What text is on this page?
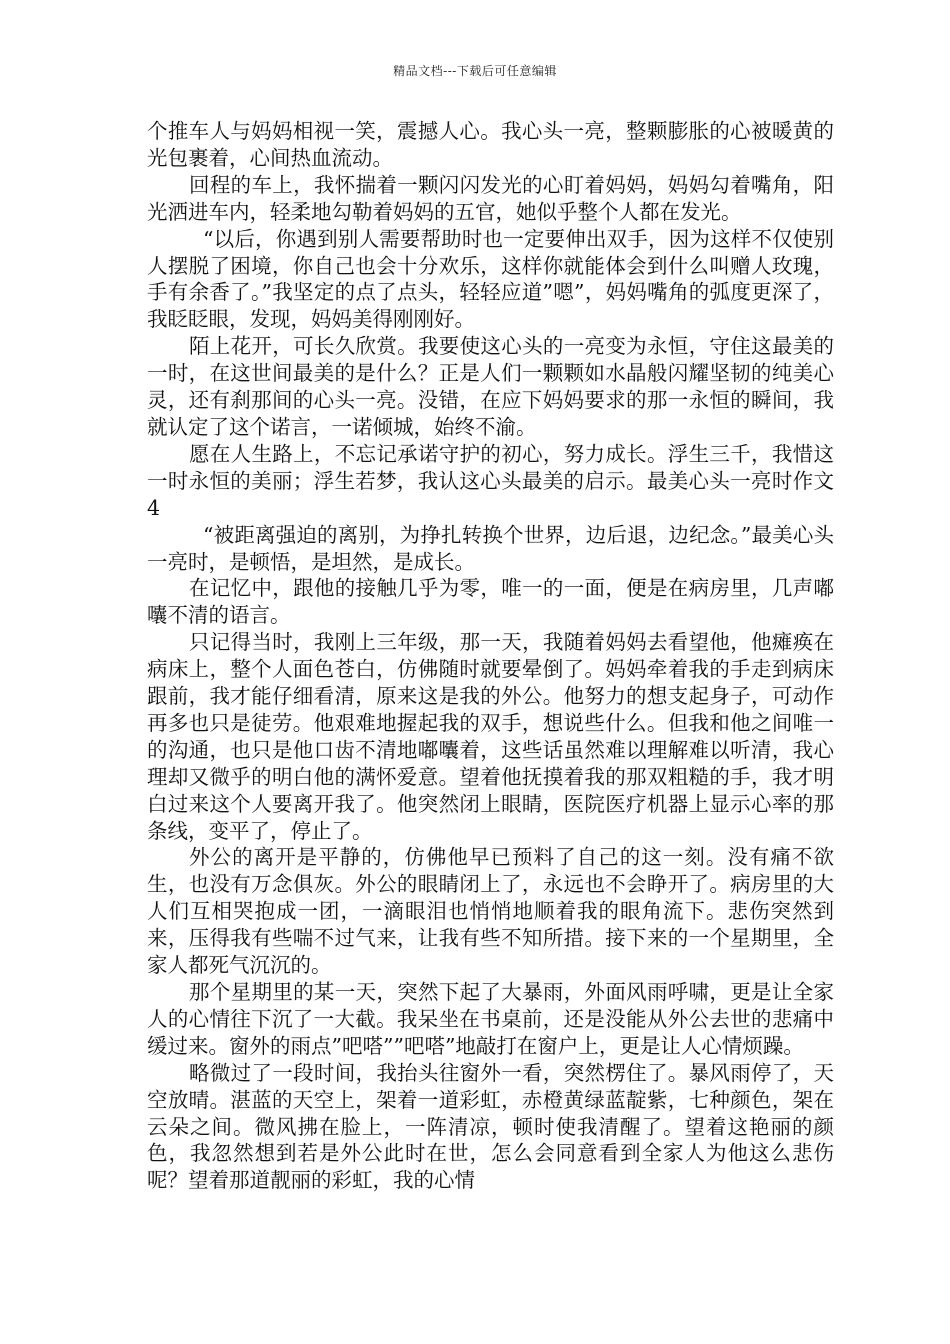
精品文档---下载后可任意编辑

个推车人与妈妈相视一笑，震撼人心。我心头一亮，整颗膨胀的心被暖黄的光包裹着，心间热血流动。

回程的车上，我怀揣着一颗闪闪发光的心盯着妈妈，妈妈勾着嘴角，阳光洒进车内，轻柔地勾勒着妈妈的五官，她似乎整个人都在发光。

“以后，你遇到别人需要帮助时也一定要伸出双手，因为这样不仅使别人摆脱了困境，你自己也会十分欢乐，这样你就能体会到什么叫赠人玫瑰，手有余香了。”我坚定的点了点头，轻轻应道”嗯”，妈妈嘴角的弧度更深了，我眨眨眼，发现，妈妈美得刚刚好。

陌上花开，可长久欣赏。我要使这心头的一亮变为永恒，守住这最美的一时，在这世间最美的是什么？正是人们一颗颗如水晶般闪耀坚韧的纯美心灵，还有刹那间的心头一亮。没错，在应下妈妈要求的那一永恒的瞬间，我就认定了这个诺言，一诺倾城，始终不渝。

愿在人生路上，不忘记承诺守护的初心，努力成长。浮生三千，我惜这一时永恒的美丽；浮生若梦，我认这心头最美的启示。最美心头一亮时作文 4

“被距离强迫的离别，为挣扎转换个世界，边后退，边纪念。”最美心头一亮时，是顿悟，是坦然，是成长。

在记忆中，跟他的接触几乎为零，唯一的一面，便是在病房里，几声嘟囔不清的语言。

只记得当时，我刚上三年级，那一天，我随着妈妈去看望他，他瘫痪在病床上，整个人面色苍白，仿佛随时就要晕倒了。妈妈牵着我的手走到病床跟前，我才能仔细看清，原来这是我的外公。他努力的想支起身子，可动作再多也只是徒劳。他艰难地握起我的双手，想说些什么。但我和他之间唯一的沟通，也只是他口齿不清地嘟囔着，这些话虽然难以理解难以听清，我心理却又微乎的明白他的满怀爱意。望着他抚摸着我的那双粗糙的手，我才明白过来这个人要离开我了。他突然闭上眼睛，医院医疗机器上显示心率的那条线，变平了，停止了。

外公的离开是平静的，仿佛他早已预料了自己的这一刻。没有痛不欲生，也没有万念俱灰。外公的眼睛闭上了，永远也不会睁开了。病房里的大人们互相哭抱成一团，一滴眼泪也悄悄地顺着我的眼角流下。悲伤突然到来，压得我有些喘不过气来，让我有些不知所措。接下来的一个星期里，全家人都死气沉沉的。

那个星期里的某一天，突然下起了大暴雨，外面风雨呼啸，更是让全家人的心情往下沉了一大截。我呆坐在书桌前，还是没能从外公去世的悲痛中缓过来。窗外的雨点”吧嗒””吧嗒”地敲打在窗户上，更是让人心情烦躁。

略微过了一段时间，我抬头往窗外一看，突然楞住了。暴风雨停了，天空放晴。湛蓝的天空上，架着一道彩虹，赤橙黄绿蓝靛紫，七种颜色，架在云朵之间。微风拂在脸上，一阵清凉，顿时使我清醒了。望着这艳丽的颜色，我忽然想到若是外公此时在世，怎么会同意看到全家人为他这么悲伤呢？望着那道靓丽的彩虹，我的心情
